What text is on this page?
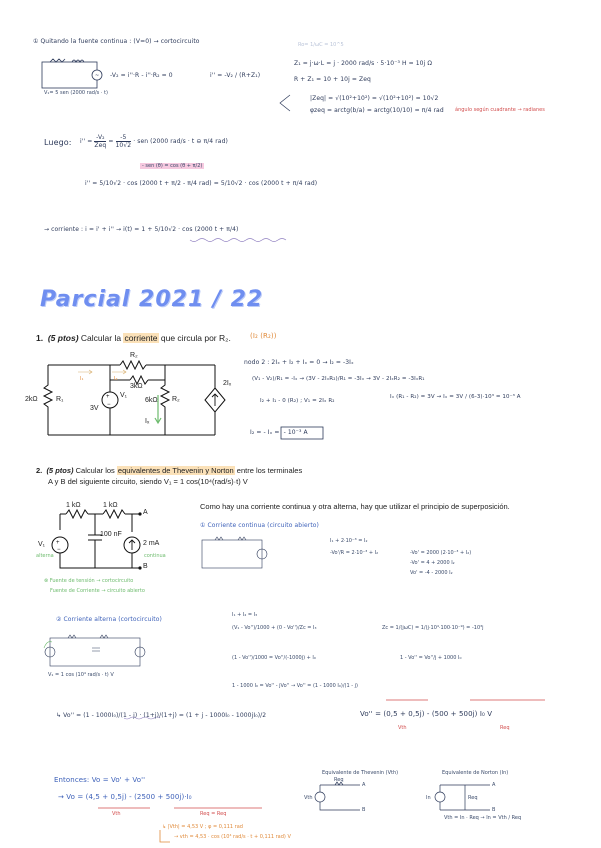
① Quitando la fuente continua : (V=0) → cortocircuito	Ro= 1/ωC = 10^5
~
+
−
+
−
V₁= 5 sen (2000 rad/s · t)
-V₂ = i''·R - i''·R₂ = 0	i'' = -V₂ / (R+Z₁)
Z₁ = j·ω·L = j · 2000 rad/s · 5·10⁻³ H = 10j Ω
R + Z₁ = 10 + 10j = Zeq
|Zeq| = √(10²+10²) = √(10²+10²) = 10√2
φzeq = arctg(b/a) = arctg(10/10) = π/4 rad ángulo según cuadrante → radianes
Luego: $i'' = \frac{\text{-V₂}}{\text{Zeq}} = \frac{-5}{10√2}$ · sen (2000 rad/s · t ⊖ π/4 rad)
- sen (θ) = cos (θ + π/2)
i'' = 5/10√2 · cos (2000 t + π/2 - π/4 rad) = 5/10√2 · cos (2000 t + π/4 rad)
→ corriente : i = i' + i'' → i(t) = 1 + 5/10√2 · cos (2000 t + π/4)
Parcial 2021 / 22
1. (5 ptos) Calcular la corriente que circula por R₂.	(I₂ (R₂))
R₂
3kΩ
R₁
2kΩ
V₁
3V
6kΩ R₂
Iₓ
2Iₓ
I₁	I₂
nodo 2 : 2Iₓ + I₂ + Iₓ = 0 → I₂ = -3Iₓ
(V₁ - V₂)/R₁ = -Iₓ → (3V - 2IₓR₂)/R₁ = -3Iₓ → 3V - 2IₓR₂ = -3IₓR₁
Iₓ (R₁ - R₂) = 3V → Iₓ = 3V / (6-3)·10³ = 10⁻³ A
I₂ + I₁ - 0 (R₂) ; V₁ = 2Iₓ R₂
I₂ = - Iₓ = - 10⁻³ A
2. (5 ptos) Calcular los equivalentes de Thevenin y Norton entre los terminales
A y B del siguiente circuito, siendo V₁ = 1 cos(10⁴(rad/s)·t) V
Como hay una corriente continua y otra alterna, hay que utilizar el principio de superposición.
1 kΩ	1 kΩ
100 nF
2 mA
V₁
A
B
alterna	continua
⊗ Fuente de tensión → cortocircuito
Fuente de Corriente → circuito abierto
① Corriente continua (circuito abierto)
I₁ + 2·10⁻³ = I₂
-Vo'/R = 2·10⁻³ + I₂	-Vo' = 2000 (2·10⁻³ + I₂)
-Vo' = 4 + 2000 I₂
Vo' = -4 - 2000 I₂
② Corriente alterna (cortocircuito)
V₁ = 1 cos (10⁴ rad/s · t) V
I₁ + I₂ = I₃
(V₁ - Vo'')/1000 + (0 - Vo'')/Zc = I₃	Zc = 1/(jωC) = 1/(j·10⁴·100·10⁻⁹) = -10³j
(1 - Vo'')/1000 = Vo''/(-1000j) + I₀	1 - Vo'' = Vo''/j + 1000 I₀
1 - 1000 I₀ = Vo'' - jVo'' → Vo'' = (1 - 1000 I₀)/(1 - j)
↳ Vo'' = (1 - 1000I₀)/(1 - j) · (1+j)/(1+j) = (1 + j - 1000I₀ - 1000jI₀)/2	Vo'' = (0,5 + 0,5j) - (500 + 500j) I₀ V
Vth	Req
Entonces: Vo = Vo' + Vo''
→ Vo = (4,5 + 0,5j) - (2500 + 500j)·I₀
Vth	Req = Req
↳ |Vth| = 4,53 V ; φ = 0,111 rad
→ vth = 4,53 · cos (10⁴ rad/s · t + 0,111 rad) V
Equivalente de Thevenin (Vth)	Equivalente de Norton (In)
A
B
Req
Vth
A
B
In	Req
Vth = In · Req → In = Vth / Req
